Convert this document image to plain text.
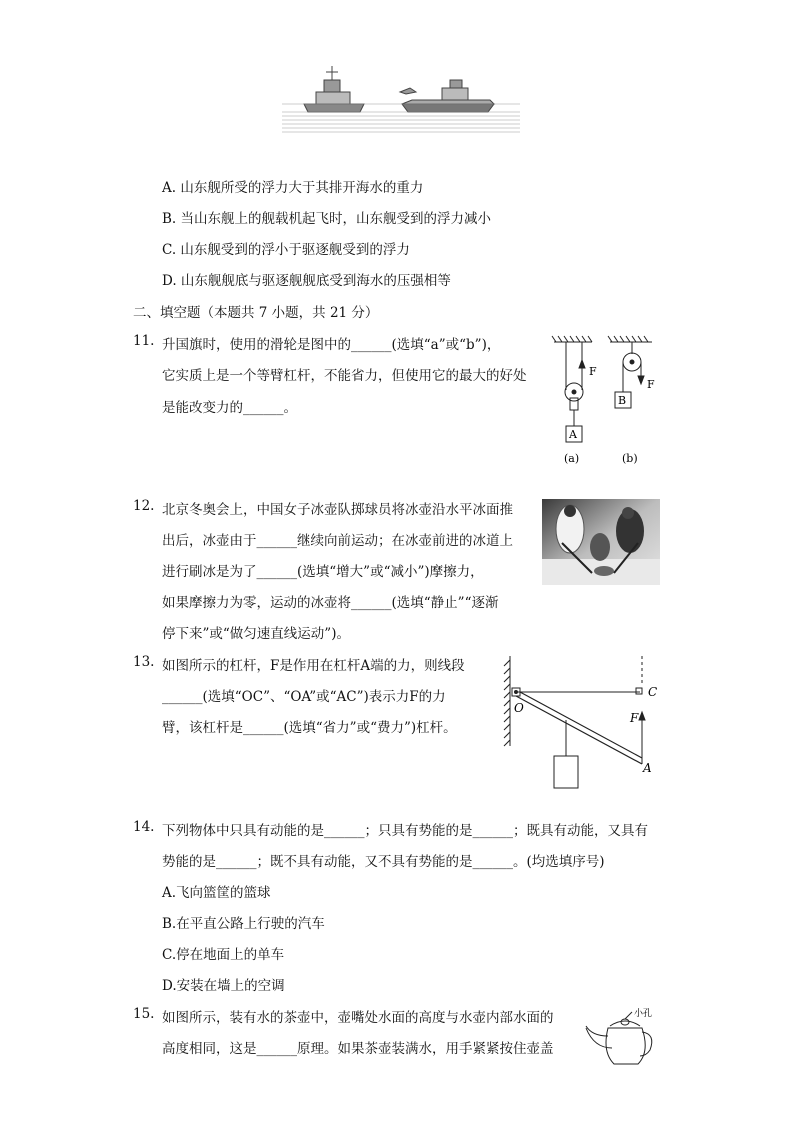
A. 山东舰所受的浮力大于其排开海水的重力
B. 当山东舰上的舰载机起飞时，山东舰受到的浮力减小
C. 山东舰受到的浮小于驱逐舰受到的浮力
D. 山东舰舰底与驱逐舰舰底受到海水的压强相等
二、填空题（本题共 7 小题，共 21 分）
11. 升国旗时，使用的滑轮是图中的______(选填“a”或“b”)，
它实质上是一个等臂杠杆，不能省力，但使用它的最大的好处
是能改变力的______。
F
F
A
B
(a)	(b)
12. 北京冬奥会上，中国女子冰壶队掷球员将冰壶沿水平冰面推
出后，冰壶由于______继续向前运动；在冰壶前进的冰道上
进行刷冰是为了______(选填“增大”或“减小”)摩擦力，
如果摩擦力为零，运动的冰壶将______(选填“静止”“逐渐
停下来”或“做匀速直线运动”)。
13. 如图所示的杠杆，F是作用在杠杆A端的力，则线段
______(选填“OC”、“OA”或“AC”)表示力F的力
臂，该杠杆是______(选填“省力”或“费力”)杠杆。
O
C
F
A
14. 下列物体中只具有动能的是______；只具有势能的是______；既具有动能，又具有
势能的是______；既不具有动能，又不具有势能的是______。(均选填序号)
A.飞向篮筐的篮球
B.在平直公路上行驶的汽车
C.停在地面上的单车
D.安装在墙上的空调
15. 如图所示，装有水的茶壶中，壶嘴处水面的高度与水壶内部水面的
高度相同，这是______原理。如果茶壶装满水，用手紧紧按住壶盖
小孔
